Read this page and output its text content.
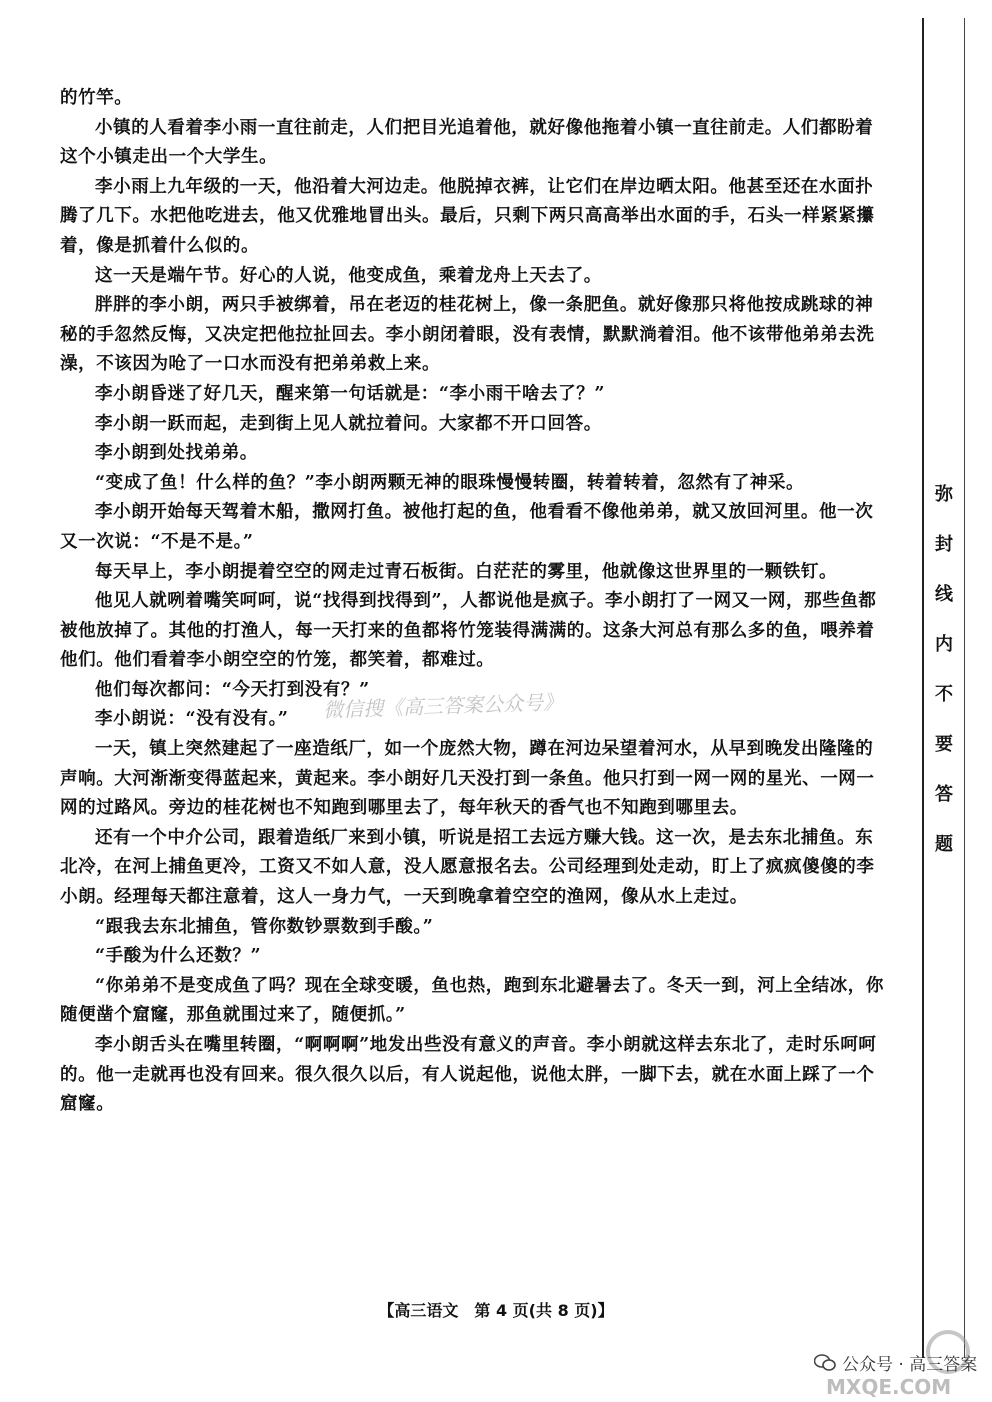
的竹竿。

小镇的人看着李小雨一直往前走，人们把目光追着他，就好像他拖着小镇一直往前走。人们都盼着这个小镇走出一个大学生。

李小雨上九年级的一天，他沿着大河边走。他脱掉衣裤，让它们在岸边晒太阳。他甚至还在水面扑腾了几下。水把他吃进去，他又优雅地冒出头。最后，只剩下两只高高举出水面的手，石头一样紧紧攥着，像是抓着什么似的。

这一天是端午节。好心的人说，他变成鱼，乘着龙舟上天去了。

胖胖的李小朗，两只手被绑着，吊在老迈的桂花树上，像一条肥鱼。就好像那只将他按成跳球的神秘的手忽然反悔，又决定把他拉扯回去。李小朗闭着眼，没有表情，默默淌着泪。他不该带他弟弟去洗澡，不该因为呛了一口水而没有把弟弟救上来。

李小朗昏迷了好几天，醒来第一句话就是：“李小雨干啥去了？”

李小朗一跃而起，走到街上见人就拉着问。大家都不开口回答。

李小朗到处找弟弟。

“变成了鱼！什么样的鱼？”李小朗两颗无神的眼珠慢慢转圈，转着转着，忽然有了神采。

李小朗开始每天驾着木船，撒网打鱼。被他打起的鱼，他看看不像他弟弟，就又放回河里。他一次又一次说：“不是不是。”

每天早上，李小朗提着空空的网走过青石板街。白茫茫的雾里，他就像这世界里的一颗铁钉。

他见人就咧着嘴笑呵呵，说“找得到找得到”，人都说他是疯子。李小朗打了一网又一网，那些鱼都被他放掉了。其他的打渔人，每一天打来的鱼都将竹笼装得满满的。这条大河总有那么多的鱼，喂养着他们。他们看着李小朗空空的竹笼，都笑着，都难过。

他们每次都问：“今天打到没有？”

李小朗说：“没有没有。”

一天，镇上突然建起了一座造纸厂，如一个庞然大物，蹲在河边呆望着河水，从早到晚发出隆隆的声响。大河渐渐变得蓝起来，黄起来。李小朗好几天没打到一条鱼。他只打到一网一网的星光、一网一网的过路风。旁边的桂花树也不知跑到哪里去了，每年秋天的香气也不知跑到哪里去。

还有一个中介公司，跟着造纸厂来到小镇，听说是招工去远方赚大钱。这一次，是去东北捕鱼。东北冷，在河上捕鱼更冷，工资又不如人意，没人愿意报名去。公司经理到处走动，盯上了疯疯傻傻的李小朗。经理每天都注意着，这人一身力气，一天到晚拿着空空的渔网，像从水上走过。

“跟我去东北捕鱼，管你数钞票数到手酸。”

“手酸为什么还数？”

“你弟弟不是变成鱼了吗？现在全球变暖，鱼也热，跑到东北避暑去了。冬天一到，河上全结冰，你随便凿个窟窿，那鱼就围过来了，随便抓。”

李小朗舌头在嘴里转圈，“啊啊啊”地发出些没有意义的声音。李小朗就这样去东北了，走时乐呵呵的。他一走就再也没有回来。很久很久以后，有人说起他，说他太胖，一脚下去，就在水面上踩了一个窟窿。

弥
封
线
内
不
要
答
题
微信搜《高三答案公众号》
【高三语文　第 4 页(共 8 页)】
MXQE.COM
公众号 · 高三答案
